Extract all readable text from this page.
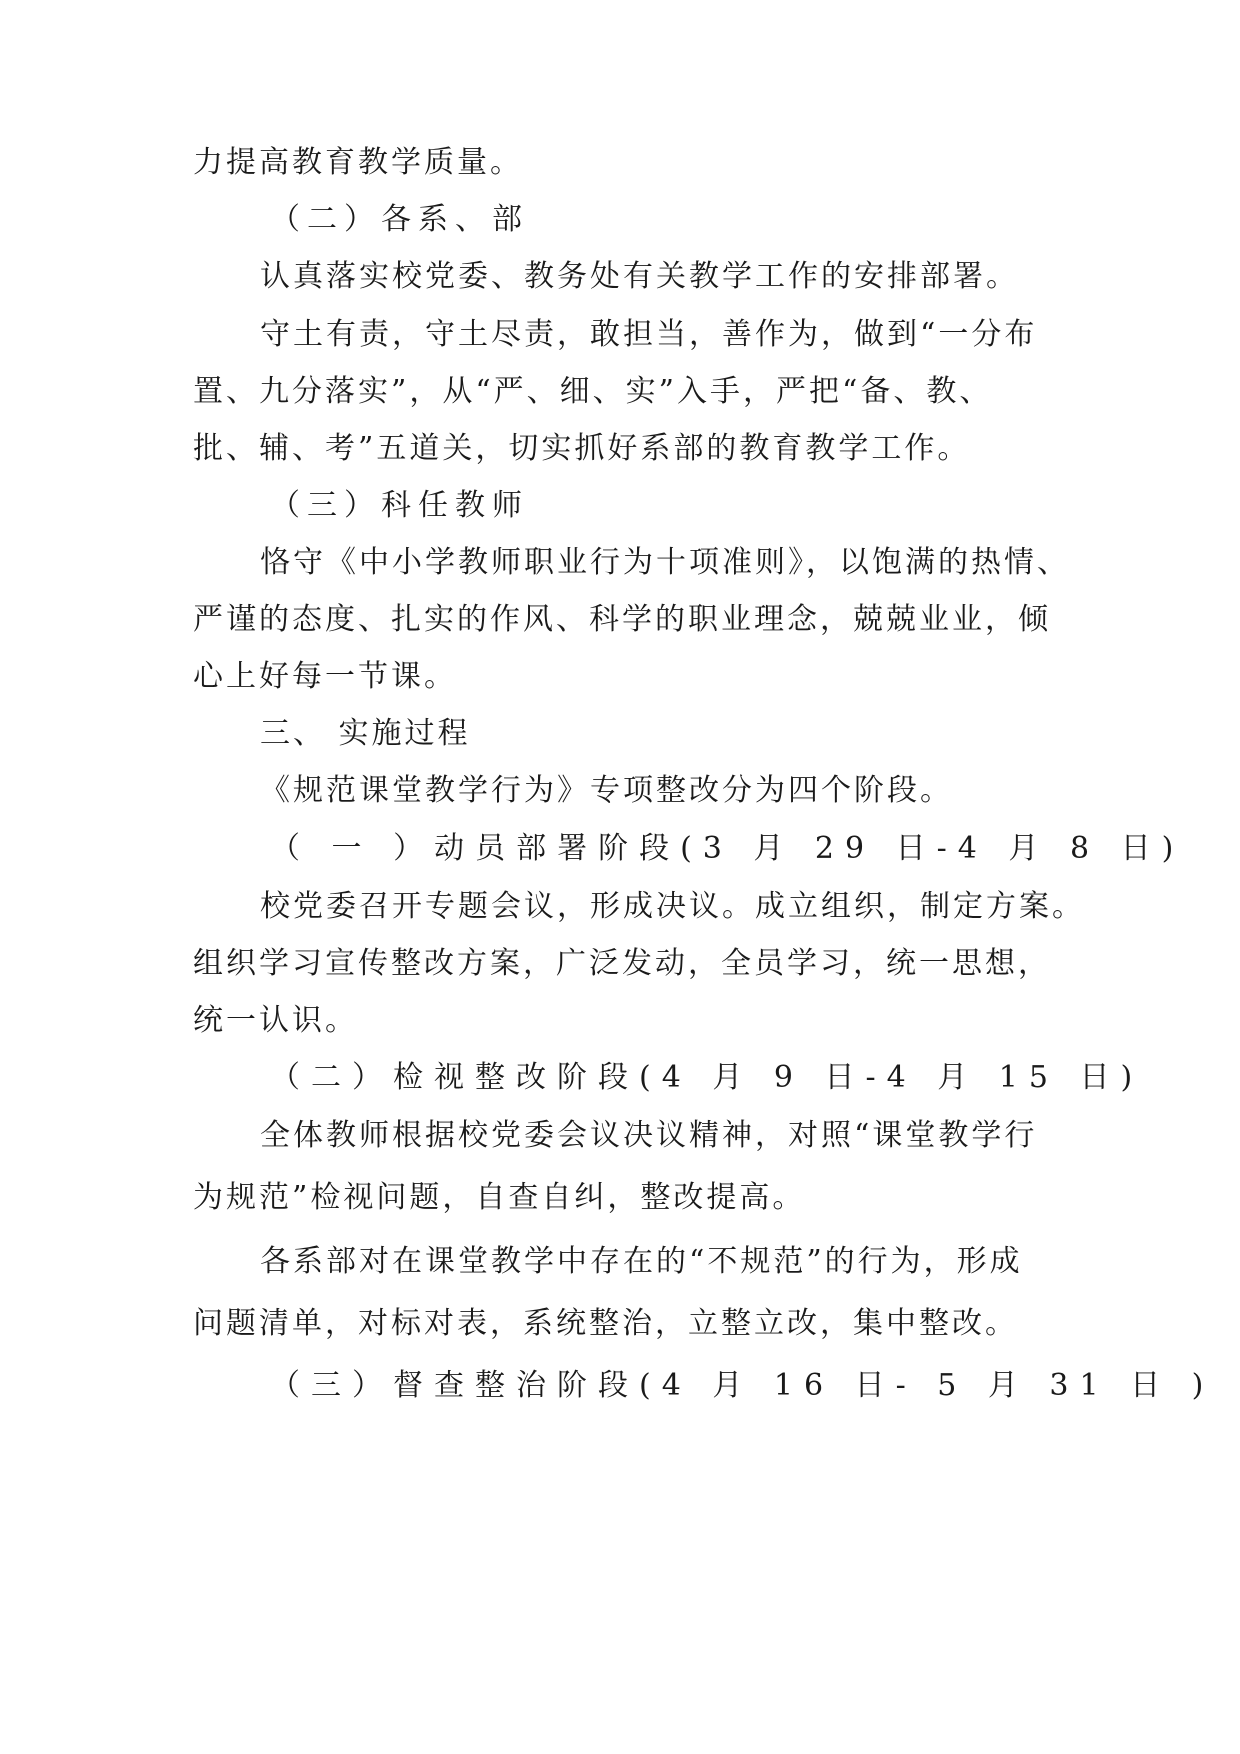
力提高教育教学质量。
（二）各系、部
认真落实校党委、教务处有关教学工作的安排部署。
守土有责，守土尽责，敢担当，善作为，做到“一分布
置、九分落实”，从“严、细、实”入手，严把“备、教、
批、辅、考”五道关，切实抓好系部的教育教学工作。
（三）科任教师
恪守《中小学教师职业行为十项准则》，以饱满的热情、
严谨的态度、扎实的作风、科学的职业理念，兢兢业业，倾
心上好每一节课。
三、 实施过程
《规范课堂教学行为》专项整改分为四个阶段。
（ 一 ）动员部署阶段(3 月 29 日-4 月 8 日)
校党委召开专题会议，形成决议。成立组织，制定方案。
组织学习宣传整改方案，广泛发动，全员学习，统一思想，
统一认识。
（二）检视整改阶段(4 月 9 日-4 月 15 日)
全体教师根据校党委会议决议精神，对照“课堂教学行
为规范”检视问题，自查自纠，整改提高。
各系部对在课堂教学中存在的“不规范”的行为，形成
问题清单，对标对表，系统整治，立整立改，集中整改。
（三）督查整治阶段(4 月 16 日- 5 月 31 日 )
